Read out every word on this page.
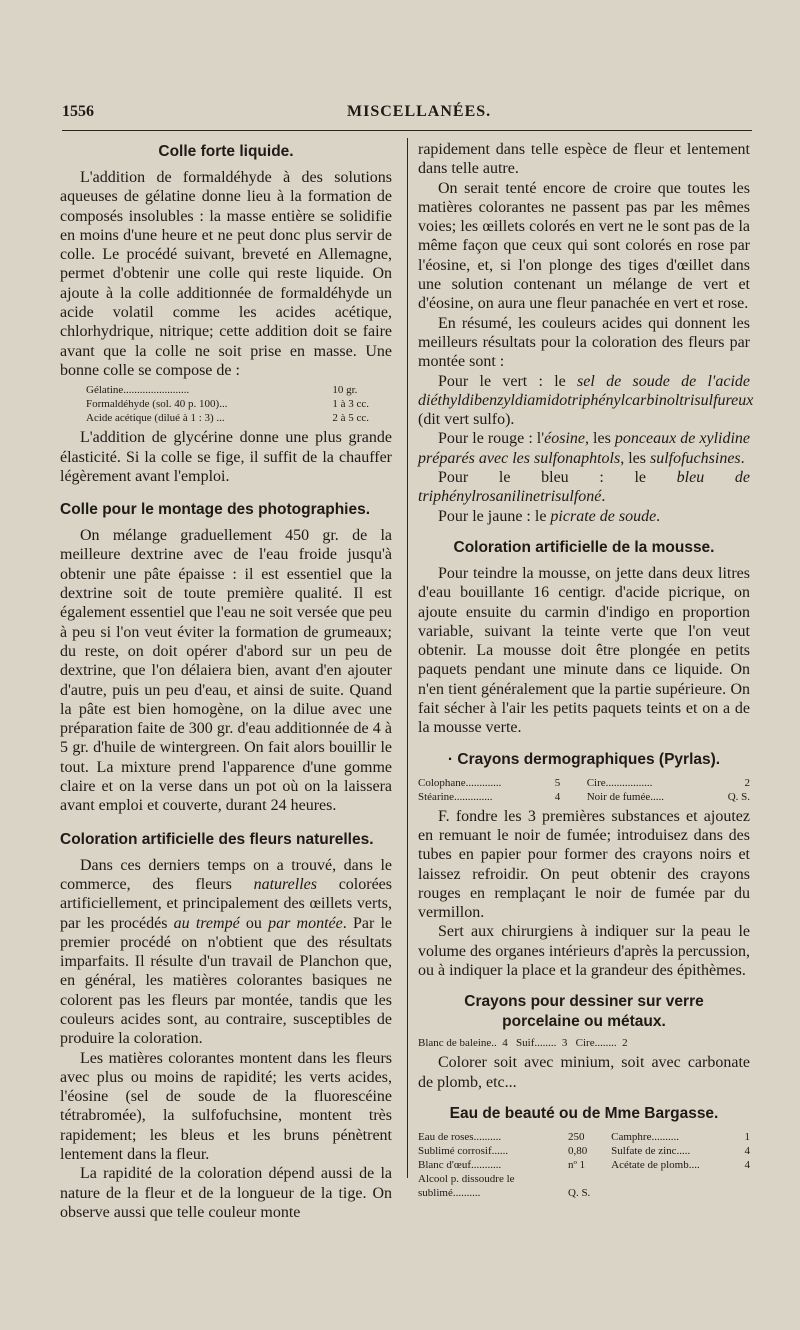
1556	MISCELLANÉES.
Colle forte liquide.

L'addition de formaldéhyde à des solutions aqueuses de gélatine donne lieu à la formation de composés insolubles : la masse entière se solidifie en moins d'une heure et ne peut donc plus servir de colle. Le procédé suivant, breveté en Allemagne, permet d'obtenir une colle qui reste liquide. On ajoute à la colle additionnée de formaldéhyde un acide volatil comme les acides acétique, chlorhydrique, nitrique; cette addition doit se faire avant que la colle ne soit prise en masse. Une bonne colle se compose de :

Gélatine........................	10 gr.
Formaldéhyde (sol. 40 p. 100)...	1 à 3 cc.
Acide acétique (dilué à 1 : 3) ...	2 à 5 cc.

L'addition de glycérine donne une plus grande élasticité. Si la colle se fige, il suffit de la chauffer légèrement avant l'emploi.

Colle pour le montage des photographies.

On mélange graduellement 450 gr. de la meilleure dextrine avec de l'eau froide jusqu'à obtenir une pâte épaisse : il est essentiel que la dextrine soit de toute première qualité. Il est également essentiel que l'eau ne soit versée que peu à peu si l'on veut éviter la formation de grumeaux; du reste, on doit opérer d'abord sur un peu de dextrine, que l'on délaiera bien, avant d'en ajouter d'autre, puis un peu d'eau, et ainsi de suite. Quand la pâte est bien homogène, on la dilue avec une préparation faite de 300 gr. d'eau additionnée de 4 à 5 gr. d'huile de wintergreen. On fait alors bouillir le tout. La mixture prend l'apparence d'une gomme claire et on la verse dans un pot où on la laissera avant emploi et couverte, durant 24 heures.

Coloration artificielle des fleurs naturelles.

Dans ces derniers temps on a trouvé, dans le commerce, des fleurs naturelles colorées artificiellement, et principalement des œillets verts, par les procédés au trempé ou par montée. Par le premier procédé on n'obtient que des résultats imparfaits. Il résulte d'un travail de Planchon que, en général, les matières colorantes basiques ne colorent pas les fleurs par montée, tandis que les couleurs acides sont, au contraire, susceptibles de produire la coloration.

Les matières colorantes montent dans les fleurs avec plus ou moins de rapidité; les verts acides, l'éosine (sel de soude de la fluorescéine tétrabromée), la sulfofuchsine, montent très rapidement; les bleus et les bruns pénètrent lentement dans la fleur.

La rapidité de la coloration dépend aussi de la nature de la fleur et de la longueur de la tige. On observe aussi que telle couleur monte

rapidement dans telle espèce de fleur et lentement dans telle autre.

On serait tenté encore de croire que toutes les matières colorantes ne passent pas par les mêmes voies; les œillets colorés en vert ne le sont pas de la même façon que ceux qui sont colorés en rose par l'éosine, et, si l'on plonge des tiges d'œillet dans une solution contenant un mélange de vert et d'éosine, on aura une fleur panachée en vert et rose.

En résumé, les couleurs acides qui donnent les meilleurs résultats pour la coloration des fleurs par montée sont :

Pour le vert : le sel de soude de l'acide diéthyldibenzyldiamidotriphénylcarbinoltrisulfureux (dit vert sulfo).

Pour le rouge : l'éosine, les ponceaux de xylidine préparés avec les sulfonaphtols, les sulfofuchsines.

Pour le bleu : le bleu de triphénylrosanilinetrisulfoné.

Pour le jaune : le picrate de soude.

Coloration artificielle de la mousse.

Pour teindre la mousse, on jette dans deux litres d'eau bouillante 16 centigr. d'acide picrique, on ajoute ensuite du carmin d'indigo en proportion variable, suivant la teinte verte que l'on veut obtenir. La mousse doit être plongée en petits paquets pendant une minute dans ce liquide. On n'en tient généralement que la partie supérieure. On fait sécher à l'air les petits paquets teints et on a de la mousse verte.

· Crayons dermographiques (Pyrlas).
Colophane.............	5	Cire.................	2
Stéarine..............	4	Noir de fumée.....	Q. S.

F. fondre les 3 premières substances et ajoutez en remuant le noir de fumée; introduisez dans des tubes en papier pour former des crayons noirs et laissez refroidir. On peut obtenir des crayons rouges en remplaçant le noir de fumée par du vermillon.

Sert aux chirurgiens à indiquer sur la peau le volume des organes intérieurs d'après la percussion, ou à indiquer la place et la grandeur des épithèmes.

Crayons pour dessiner sur verre
porcelaine ou métaux.
Blanc de baleine..  4   Suif........  3   Cire........  2

Colorer soit avec minium, soit avec carbonate de plomb, etc...

Eau de beauté ou de Mme Bargasse.
Eau de roses..........	250	Camphre..........	1
Sublimé corrosif......	0,80	Sulfate de zinc.....	4
Blanc d'œuf...........	nº 1	Acétate de plomb....	4
Alcool p. dissoudre le sublimé..........	Q. S.		
